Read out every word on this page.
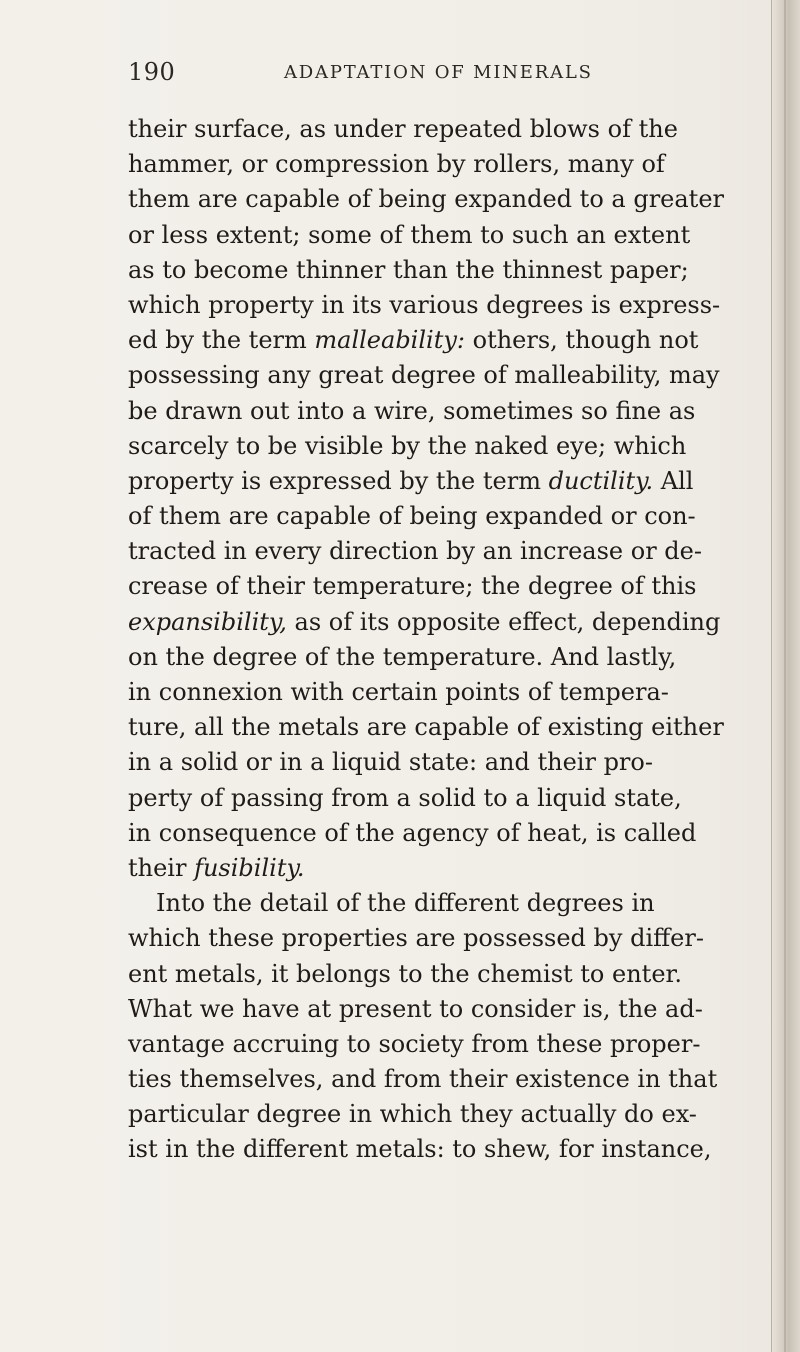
190	ADAPTATION OF MINERALS
their surface, as under repeated blows of the
hammer, or compression by rollers, many of
them are capable of being expanded to a greater
or less extent; some of them to such an extent
as to become thinner than the thinnest paper;
which property in its various degrees is express-
ed by the term malleability: others, though not
possessing any great degree of malleability, may
be drawn out into a wire, sometimes so fine as
scarcely to be visible by the naked eye; which
property is expressed by the term ductility. All
of them are capable of being expanded or con-
tracted in every direction by an increase or de-
crease of their temperature; the degree of this
expansibility, as of its opposite effect, depending
on the degree of the temperature. And lastly,
in connexion with certain points of tempera-
ture, all the metals are capable of existing either
in a solid or in a liquid state: and their pro-
perty of passing from a solid to a liquid state,
in consequence of the agency of heat, is called
their fusibility.
Into the detail of the different degrees in
which these properties are possessed by differ-
ent metals, it belongs to the chemist to enter.
What we have at present to consider is, the ad-
vantage accruing to society from these proper-
ties themselves, and from their existence in that
particular degree in which they actually do ex-
ist in the different metals: to shew, for instance,
